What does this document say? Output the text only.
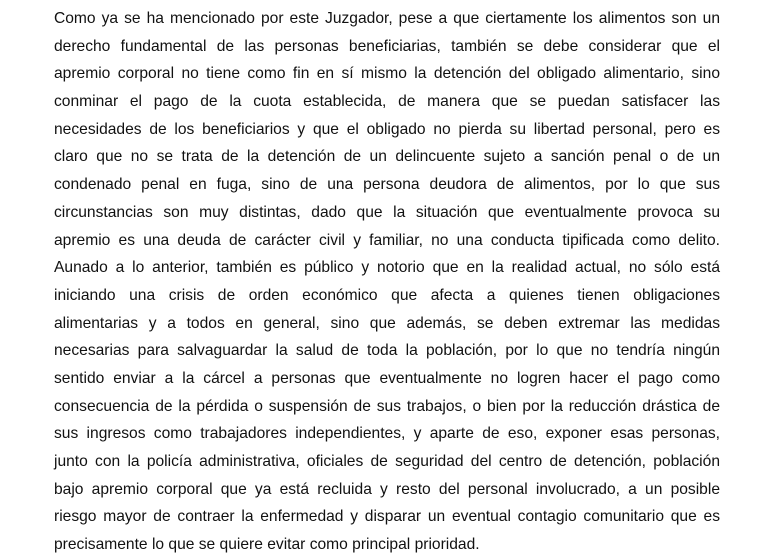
Como ya se ha mencionado por este Juzgador, pese a que ciertamente los alimentos son un
derecho fundamental de las personas beneficiarias, también se debe considerar que el
apremio corporal no tiene como fin en sí mismo la detención del obligado alimentario, sino
conminar el pago de la cuota establecida, de manera que se puedan satisfacer las
necesidades de los beneficiarios y que el obligado no pierda su libertad personal, pero es
claro que no se trata de la detención de un delincuente sujeto a sanción penal o de un
condenado penal en fuga, sino de una persona deudora de alimentos, por lo que sus
circunstancias son muy distintas, dado que la situación que eventualmente provoca su
apremio es una deuda de carácter civil y familiar, no una conducta tipificada como delito.
Aunado a lo anterior, también es público y notorio que en la realidad actual, no sólo está
iniciando una crisis de orden económico que afecta a quienes tienen obligaciones
alimentarias y a todos en general, sino que además, se deben extremar las medidas
necesarias para salvaguardar la salud de toda la población, por lo que no tendría ningún
sentido enviar a la cárcel a personas que eventualmente no logren hacer el pago como
consecuencia de la pérdida o suspensión de sus trabajos, o bien por la reducción drástica de
sus ingresos como trabajadores independientes, y aparte de eso, exponer esas personas,
junto con la policía administrativa, oficiales de seguridad del centro de detención, población
bajo apremio corporal que ya está recluida y resto del personal involucrado, a un posible
riesgo mayor de contraer la enfermedad y disparar un eventual contagio comunitario que es
precisamente lo que se quiere evitar como principal prioridad.
